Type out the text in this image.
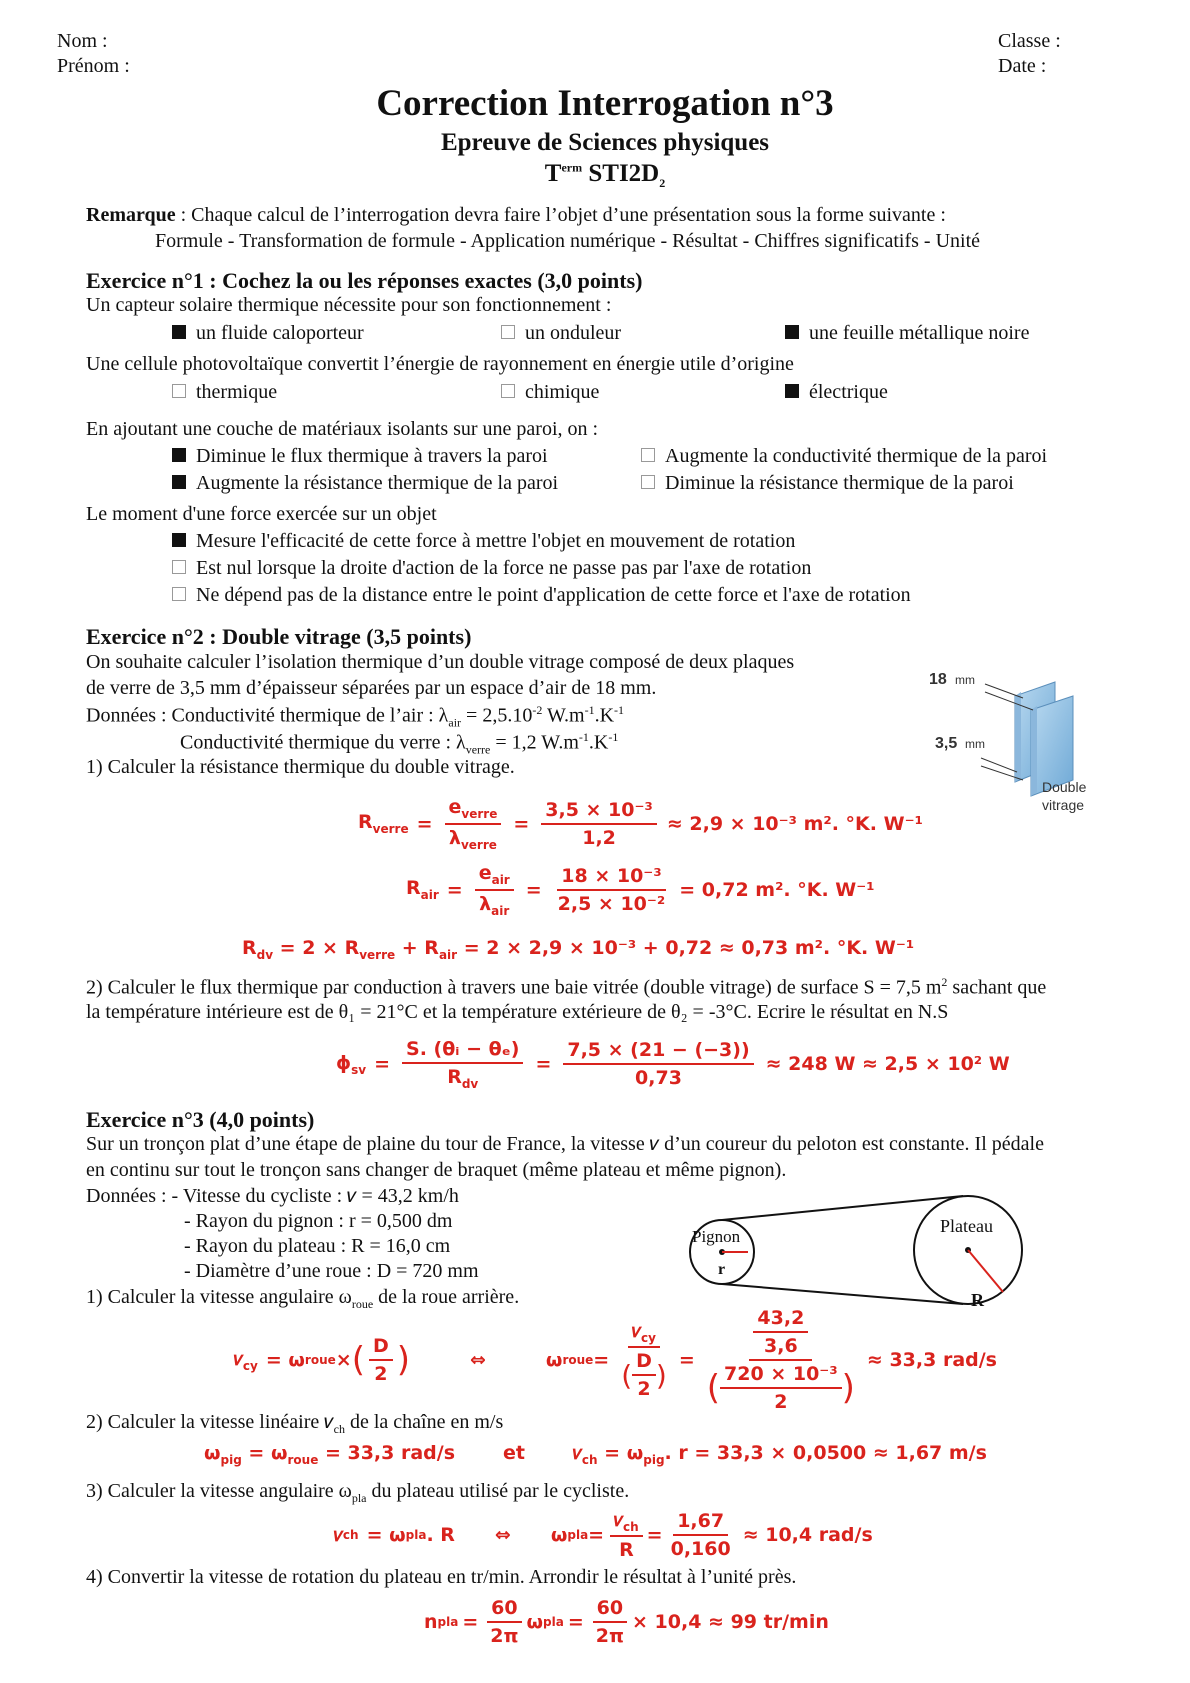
Nom :
Prénom :
Classe :
Date :
Correction Interrogation n°3
Epreuve de Sciences physiques
$T^{erm}$ $STI2D_2$
Remarque : Chaque calcul de l’interrogation devra faire l’objet d’une présentation sous la forme suivante :
Formule - Transformation de formule - Application numérique - Résultat - Chiffres significatifs - Unité
Exercice n°1 : Cochez la ou les réponses exactes (3,0 points)
Un capteur solaire thermique nécessite pour son fonctionnement :
un fluide caloporteur	un onduleur	une feuille métallique noire
Une cellule photovoltaïque convertit l’énergie de rayonnement en énergie utile d’origine
thermique	chimique	électrique
En ajoutant une couche de matériaux isolants sur une paroi, on :
Diminue le flux thermique à travers la paroi	Augmente la conductivité thermique de la paroi
Augmente la résistance thermique de la paroi	Diminue la résistance thermique de la paroi
Le moment d'une force exercée sur un objet
Mesure l'efficacité de cette force à mettre l'objet en mouvement de rotation
Est nul lorsque la droite d'action de la force ne passe pas par l'axe de rotation
Ne dépend pas de la distance entre le point d'application de cette force et l'axe de rotation
Exercice n°2 : Double vitrage (3,5 points)
On souhaite calculer l’isolation thermique d’un double vitrage composé de deux plaques
de verre de 3,5 mm d’épaisseur séparées par un espace d’air de 18 mm.
Données : Conductivité thermique de l’air : $\lambda_{air} = 2,5.10^{-2}$ $W.m^{-1}.K^{-1}$
Conductivité thermique du verre : $\lambda_{verre} = 1,2$ $W.m^{-1}.K^{-1}$
1) Calculer la résistance thermique du double vitrage.
18 mm
3,5 mm
Double
vitrage
$R_{verre} = \frac{e_{verre}}{\lambda_{verre}} = \frac{\text{3,5 × 10⁻³}}{1,2} \approx 2,9 \times 10^{-3}$ m². °K. W⁻¹
$R_{air} = \frac{e_{air}}{\lambda_{air}} = \frac{\text{18 × 10⁻³}}{\text{2,5 × 10⁻²}} = 0,72$ m². °K. W⁻¹
$R_{dv} = 2 \times R_{verre} + R_{air} = 2 \times 2,9 \times 10^{-3} + 0,72 \approx 0,73$ m². °K. W⁻¹
2) Calculer le flux thermique par conduction à travers une baie vitrée (double vitrage) de surface S = 7,5 $m^2$ sachant que
la température intérieure est de θ₁ = 21°C et la température extérieure de θ₂ = -3°C. Ecrire le résultat en N.S
$\phi_{sv} = \frac{\text{S. (θᵢ − θₑ)}}{R_{dv}} = \frac{7,5 \times (21 - (-3))}{0,73} \approx 248$ W ≈ 2,5 × 10² W
Exercice n°3 (4,0 points)
Sur un tronçon plat d’une étape de plaine du tour de France, la vitesse 𝑣 d’un coureur du peloton est constante. Il pédale
en continu sur tout le tronçon sans changer de braquet (même plateau et même pignon).
Données : - Vitesse du cycliste : 𝑣 = 43,2 km/h
- Rayon du pignon : r = 0,500 dm
- Rayon du plateau : R = 16,0 cm
- Diamètre d’une roue : D = 720 mm
1) Calculer la vitesse angulaire $\omega_{roue}$ de la roue arrière.
Pignon
r
Plateau
R
𝑣$_{cy}$ = ω roue × ( $\frac{D}{2}$ )	⇔	ω roue = $\frac{𝑣_{cy}}{( \frac{D}{2} )} = \frac{\frac{43,2}{3,6}}{( \frac{\text{720 × 10⁻³}}{2} )} \approx 33,3$ rad/s
2) Calculer la vitesse linéaire 𝑣$_{ch}$ de la chaîne en m/s
$\omega_{pig} = \omega_{roue} = 33,3$ rad/s	et	𝑣$_{ch}$ = $\omega_{pig}$. r = 33,3 × 0,0500 ≈ 1,67 m/s
3) Calculer la vitesse angulaire $\omega_{pla}$ du plateau utilisé par le cycliste.
𝑣 ch = ω pla . R ⇔ ω pla = $\frac{𝑣_{ch}}{R} = \frac{1,67}{0,160} \approx 10,4$ rad/s
4) Convertir la vitesse de rotation du plateau en tr/min. Arrondir le résultat à l’unité près.
n pla = $\frac{60}{2\pi}$ ω pla = $\frac{60}{2\pi} \times 10,4 \approx 99$ tr/min
